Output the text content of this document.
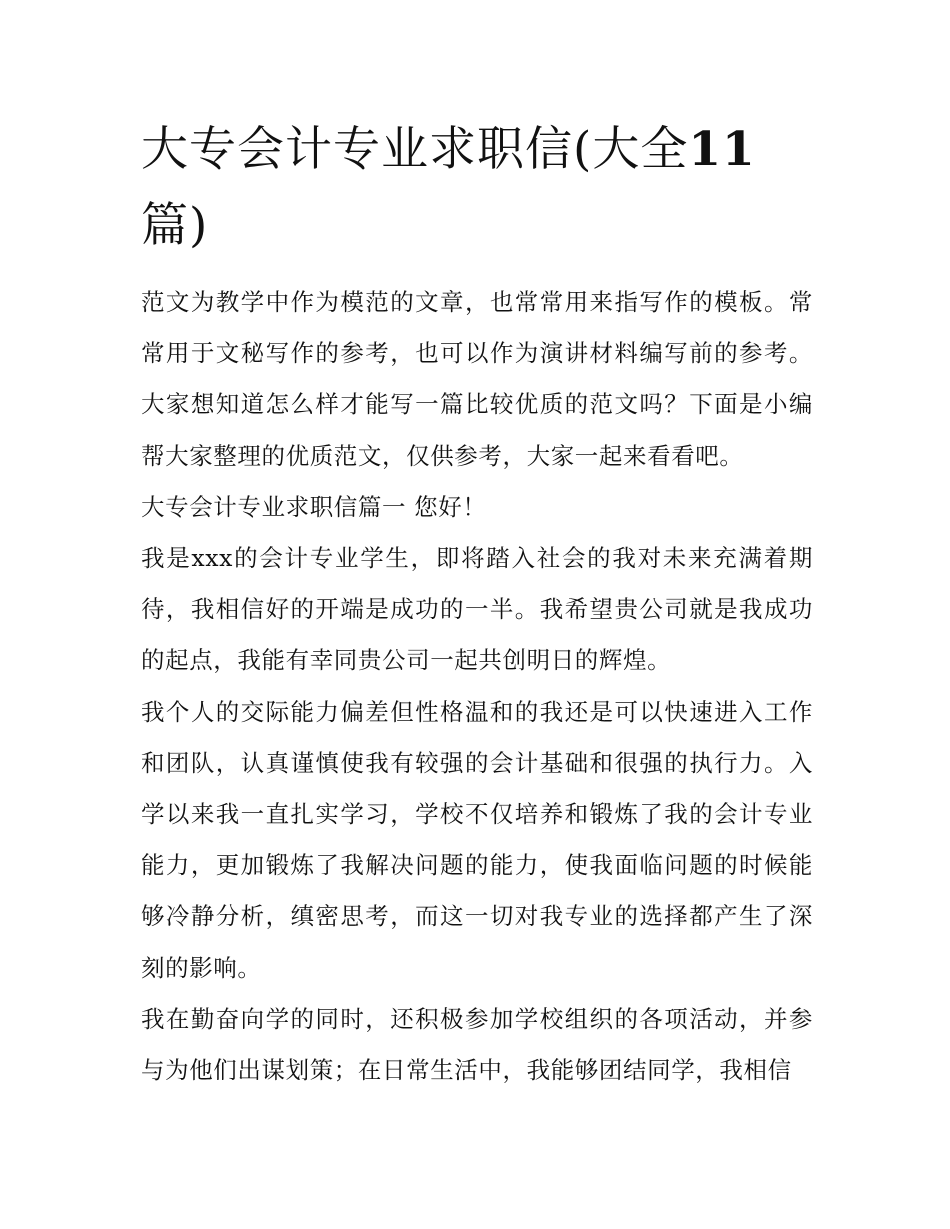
大专会计专业求职信(大全11
篇)

范文为教学中作为模范的文章，也常常用来指写作的模板。常常用于文秘写作的参考，也可以作为演讲材料编写前的参考。大家想知道怎么样才能写一篇比较优质的范文吗？下面是小编帮大家整理的优质范文，仅供参考，大家一起来看看吧。

大专会计专业求职信篇一 您好！

我是xxx的会计专业学生，即将踏入社会的我对未来充满着期待，我相信好的开端是成功的一半。我希望贵公司就是我成功的起点，我能有幸同贵公司一起共创明日的辉煌。

我个人的交际能力偏差但性格温和的我还是可以快速进入工作和团队，认真谨慎使我有较强的会计基础和很强的执行力。入学以来我一直扎实学习，学校不仅培养和锻炼了我的会计专业能力，更加锻炼了我解决问题的能力，使我面临问题的时候能够冷静分析，缜密思考，而这一切对我专业的选择都产生了深刻的影响。

我在勤奋向学的同时，还积极参加学校组织的各项活动，并参与为他们出谋划策；在日常生活中，我能够团结同学，我相信
